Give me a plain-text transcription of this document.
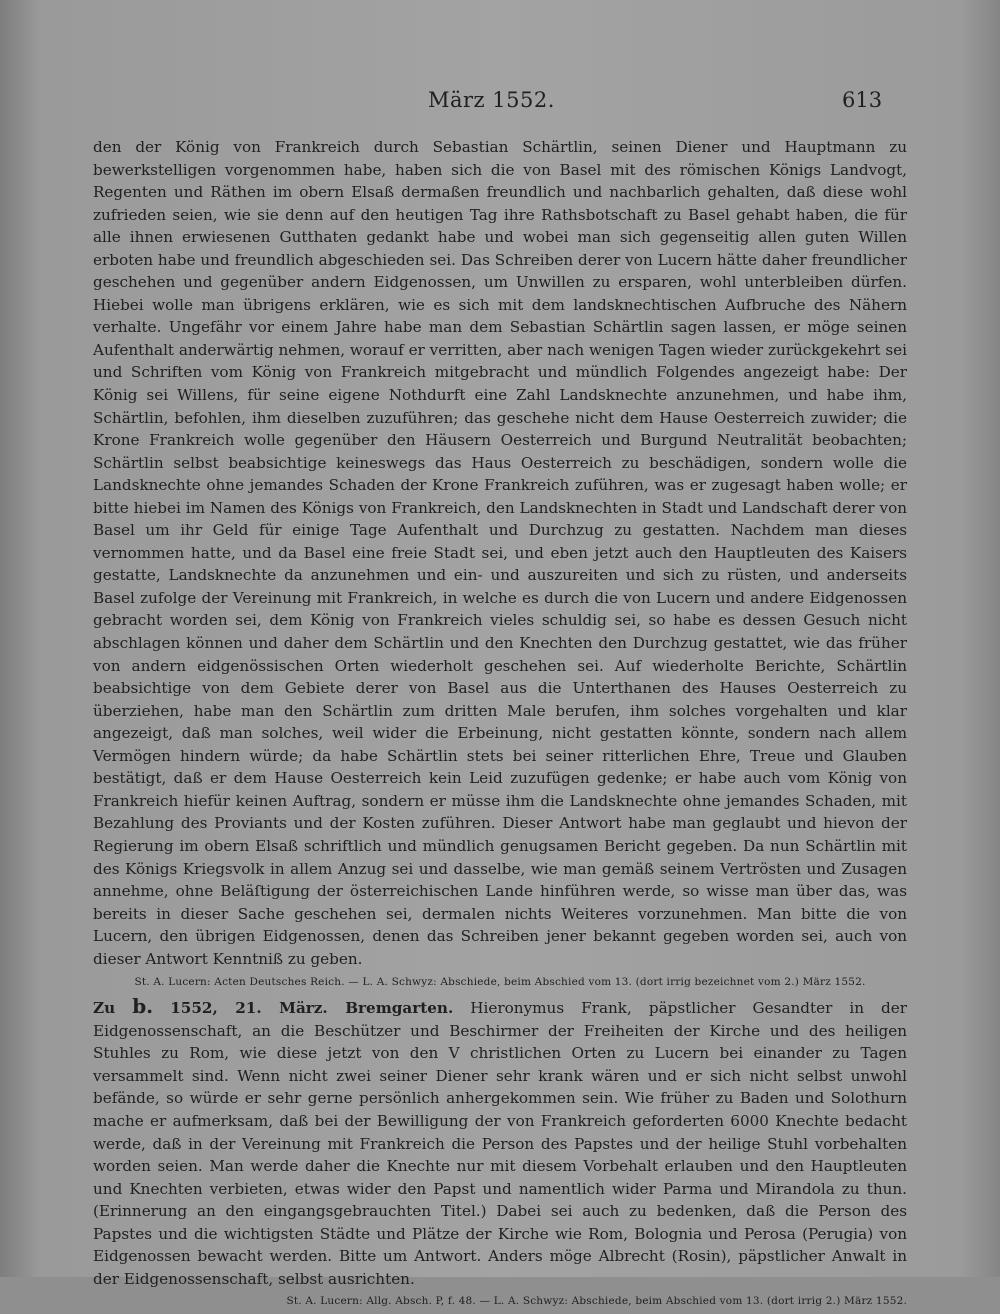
März 1552.	613

den der König von Frankreich durch Sebastian Schärtlin, seinen Diener und Hauptmann zu bewerkstelligen vorgenommen habe, haben sich die von Basel mit des römischen Königs Landvogt, Regenten und Räthen im obern Elsaß dermaßen freundlich und nachbarlich gehalten, daß diese wohl zufrieden seien, wie sie denn auf den heutigen Tag ihre Rathsbotschaft zu Basel gehabt haben, die für alle ihnen erwiesenen Gutthaten gedankt habe und wobei man sich gegenseitig allen guten Willen erboten habe und freundlich abgeschieden sei. Das Schreiben derer von Lucern hätte daher freundlicher geschehen und gegenüber andern Eidgenossen, um Unwillen zu ersparen, wohl unterbleiben dürfen. Hiebei wolle man übrigens erklären, wie es sich mit dem landsknechtischen Aufbruche des Nähern verhalte. Ungefähr vor einem Jahre habe man dem Sebastian Schärtlin sagen lassen, er möge seinen Aufenthalt anderwärtig nehmen, worauf er verritten, aber nach wenigen Tagen wieder zurückgekehrt sei und Schriften vom König von Frankreich mitgebracht und mündlich Folgendes angezeigt habe: Der König sei Willens, für seine eigene Nothdurft eine Zahl Landsknechte anzunehmen, und habe ihm, Schärtlin, befohlen, ihm dieselben zuzuführen; das geschehe nicht dem Hause Oesterreich zuwider; die Krone Frankreich wolle gegenüber den Häusern Oesterreich und Burgund Neutralität beobachten; Schärtlin selbst beabsichtige keineswegs das Haus Oesterreich zu beschädigen, sondern wolle die Landsknechte ohne jemandes Schaden der Krone Frankreich zuführen, was er zugesagt haben wolle; er bitte hiebei im Namen des Königs von Frankreich, den Landsknechten in Stadt und Landschaft derer von Basel um ihr Geld für einige Tage Aufenthalt und Durchzug zu gestatten. Nachdem man dieses vernommen hatte, und da Basel eine freie Stadt sei, und eben jetzt auch den Hauptleuten des Kaisers gestatte, Landsknechte da anzunehmen und ein- und auszureiten und sich zu rüsten, und anderseits Basel zufolge der Vereinung mit Frankreich, in welche es durch die von Lucern und andere Eidgenossen gebracht worden sei, dem König von Frankreich vieles schuldig sei, so habe es dessen Gesuch nicht abschlagen können und daher dem Schärtlin und den Knechten den Durchzug gestattet, wie das früher von andern eidgenössischen Orten wiederholt geschehen sei. Auf wiederholte Berichte, Schärtlin beabsichtige von dem Gebiete derer von Basel aus die Unterthanen des Hauses Oesterreich zu überziehen, habe man den Schärtlin zum dritten Male berufen, ihm solches vorgehalten und klar angezeigt, daß man solches, weil wider die Erbeinung, nicht gestatten könnte, sondern nach allem Vermögen hindern würde; da habe Schärtlin stets bei seiner ritterlichen Ehre, Treue und Glauben bestätigt, daß er dem Hause Oesterreich kein Leid zuzufügen gedenke; er habe auch vom König von Frankreich hiefür keinen Auftrag, sondern er müsse ihm die Landsknechte ohne jemandes Schaden, mit Bezahlung des Proviants und der Kosten zuführen. Dieser Antwort habe man geglaubt und hievon der Regierung im obern Elsaß schriftlich und mündlich genugsamen Bericht gegeben. Da nun Schärtlin mit des Königs Kriegsvolk in allem Anzug sei und dasselbe, wie man gemäß seinem Vertrösten und Zusagen annehme, ohne Beläſtigung der österreichischen Lande hinführen werde, so wisse man über das, was bereits in dieser Sache geschehen sei, dermalen nichts Weiteres vorzunehmen. Man bitte die von Lucern, den übrigen Eidgenossen, denen das Schreiben jener bekannt gegeben worden sei, auch von dieser Antwort Kenntniß zu geben.

St. A. Lucern: Acten Deutsches Reich. — L. A. Schwyz: Abschiede, beim Abschied vom 13. (dort irrig bezeichnet vom 2.) März 1552.

Zu b. 1552, 21. März. Bremgarten. Hieronymus Frank, päpstlicher Gesandter in der Eidgenossenschaft, an die Beschützer und Beschirmer der Freiheiten der Kirche und des heiligen Stuhles zu Rom, wie diese jetzt von den V christlichen Orten zu Lucern bei einander zu Tagen versammelt sind. Wenn nicht zwei seiner Diener sehr krank wären und er sich nicht selbst unwohl befände, so würde er sehr gerne persönlich anhergekommen sein. Wie früher zu Baden und Solothurn mache er aufmerksam, daß bei der Bewilligung der von Frankreich geforderten 6000 Knechte bedacht werde, daß in der Vereinung mit Frankreich die Person des Papstes und der heilige Stuhl vorbehalten worden seien. Man werde daher die Knechte nur mit diesem Vorbehalt erlauben und den Hauptleuten und Knechten verbieten, etwas wider den Papst und namentlich wider Parma und Mirandola zu thun. (Erinnerung an den eingangsgebrauchten Titel.) Dabei sei auch zu bedenken, daß die Person des Papstes und die wichtigsten Städte und Plätze der Kirche wie Rom, Bolognia und Perosa (Perugia) von Eidgenossen bewacht werden. Bitte um Antwort. Anders möge Albrecht (Rosin), päpstlicher Anwalt in der Eidgenossenschaft, selbst ausrichten.

St. A. Lucern: Allg. Absch. P, f. 48. — L. A. Schwyz: Abschiede, beim Abschied vom 13. (dort irrig 2.) März 1552.
